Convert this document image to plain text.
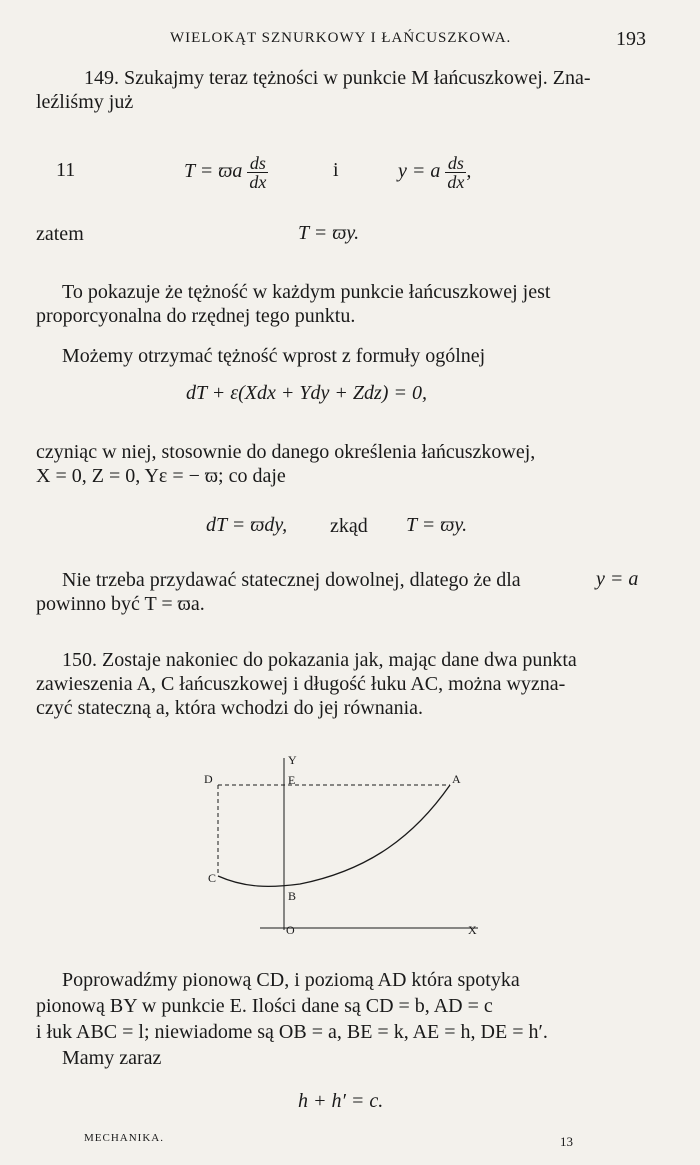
WIELOKĄT SZNURKOWY I ŁAŃCUSZKOWA.	193
149. Szukajmy teraz tężności w punkcie M łańcuszkowej. Zna-
leźliśmy już
11	T = ϖa $\frac{ds}{dx}$	i	y = a $\frac{ds}{dx}$ ,
zatem	T = ϖy.
To pokazuje że tężność w każdym punkcie łańcuszkowej jest
proporcyonalna do rzędnej tego punktu.
Możemy otrzymać tężność wprost z formuły ogólnej
dT + ε(Xdx + Ydy + Zdz) = 0,
czyniąc w niej, stosownie do danego określenia łańcuszkowej,
X = 0, Z = 0, Yε = − ϖ; co daje
dT = ϖdy, zkąd T = ϖy.
Nie trzeba przydawać statecznej dowolnej, dlatego że dla	y = a
powinno być T = ϖa.
150. Zostaje nakoniec do pokazania jak, mając dane dwa punkta
zawieszenia A, C łańcuszkowej i długość łuku AC, można wyzna-
czyć stateczną a, która wchodzi do jej równania.
Y
D	E	A
C
B
O	X
Poprowadźmy pionową CD, i poziomą AD która spotyka
pionową BY w punkcie E. Ilości dane są CD = b, AD = c
i łuk ABC = l; niewiadome są OB = a, BE = k, AE = h, DE = h′.
Mamy zaraz
h + h′ = c.
MECHANIKA.	13
